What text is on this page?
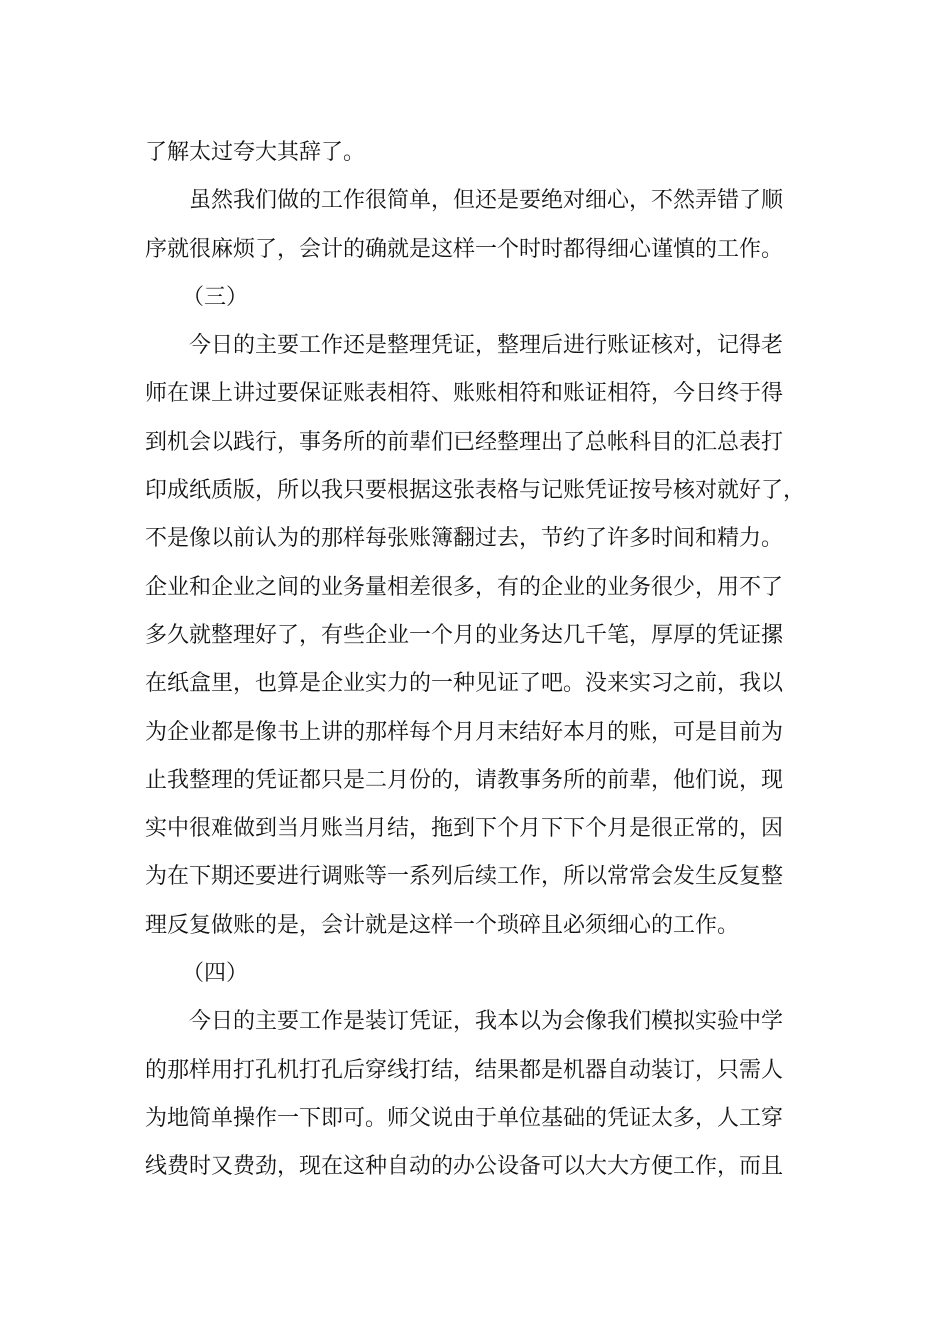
了解太过夸大其辞了。
虽然我们做的工作很简单，但还是要绝对细心，不然弄错了顺
序就很麻烦了，会计的确就是这样一个时时都得细心谨慎的工作。
（三）
今日的主要工作还是整理凭证，整理后进行账证核对，记得老
师在课上讲过要保证账表相符、账账相符和账证相符，今日终于得
到机会以践行，事务所的前辈们已经整理出了总帐科目的汇总表打
印成纸质版，所以我只要根据这张表格与记账凭证按号核对就好了，
不是像以前认为的那样每张账簿翻过去，节约了许多时间和精力。
企业和企业之间的业务量相差很多，有的企业的业务很少，用不了
多久就整理好了，有些企业一个月的业务达几千笔，厚厚的凭证摞
在纸盒里，也算是企业实力的一种见证了吧。没来实习之前，我以
为企业都是像书上讲的那样每个月月末结好本月的账，可是目前为
止我整理的凭证都只是二月份的，请教事务所的前辈，他们说，现
实中很难做到当月账当月结，拖到下个月下下个月是很正常的，因
为在下期还要进行调账等一系列后续工作，所以常常会发生反复整
理反复做账的是，会计就是这样一个琐碎且必须细心的工作。
（四）
今日的主要工作是装订凭证，我本以为会像我们模拟实验中学
的那样用打孔机打孔后穿线打结，结果都是机器自动装订，只需人
为地简单操作一下即可。师父说由于单位基础的凭证太多，人工穿
线费时又费劲，现在这种自动的办公设备可以大大方便工作，而且
